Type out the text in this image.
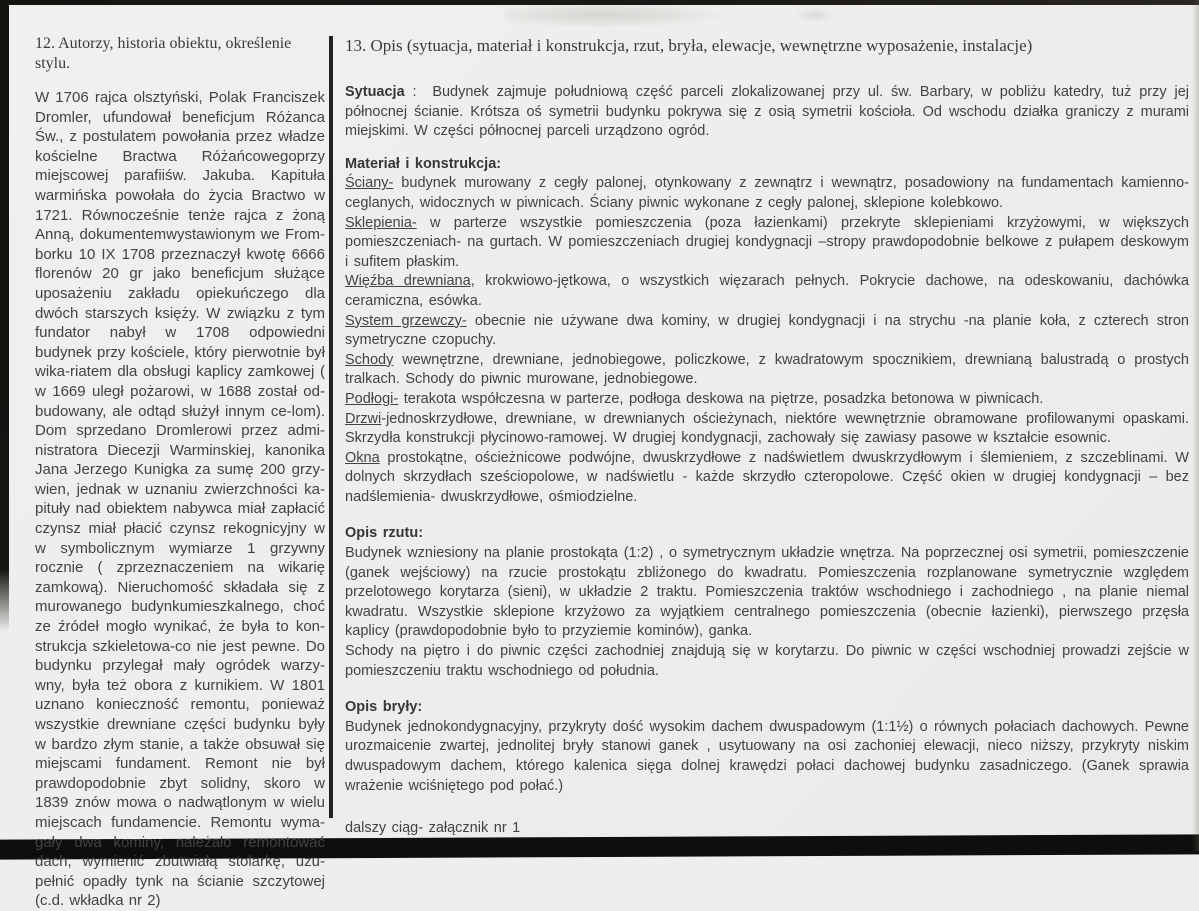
12. Autorzy, historia obiektu, określenie stylu.

W 1706 rajca olsztyński, Polak Franciszek Dromler, ufundował beneficjum Różanca Św., z postulatem powołania przez władze kościelne Bractwa Różańcowegoprzy miejscowej parafiiśw. Jakuba. Kapituła warmińska powołała do życia Bractwo w 1721. Równocześnie tenże rajca z żoną Anną, dokumentemwystawionym we From-borku 10 IX 1708 przeznaczył kwotę 6666 florenów 20 gr jako beneficjum służące uposażeniu zakładu opiekuńczego dla dwóch starszych księży. W związku z tym fundator nabył w 1708 odpowiedni budynek przy kościele, który pierwotnie był wika-riatem dla obsługi kaplicy zamkowej ( w 1669 uległ pożarowi, w 1688 został od-budowany, ale odtąd służył innym ce-lom). Dom sprzedano Dromlerowi przez admi-nistratora Diecezji Warminskiej, kanonika Jana Jerzego Kunigka za sumę 200 grzy-wien, jednak w uznaniu zwierzchności ka-pituły nad obiektem nabywca miał zapłacić czynsz miał płacić czynsz rekognicyjny w w symbolicznym wymiarze 1 grzywny rocznie ( zprzeznaczeniem na wikarię zamkową). Nieruchomość składała się z murowanego budynkumieszkalnego, choć ze źródeł mogło wynikać, że była to kon-strukcja szkieletowa-co nie jest pewne. Do budynku przylegał mały ogródek warzy-wny, była też obora z kurnikiem. W 1801 uznano konieczność remontu, ponieważ wszystkie drewniane części budynku były w bardzo złym stanie, a także obsuwał się miejscami fundament. Remont nie był prawdopodobnie zbyt solidny, skoro w 1839 znów mowa o nadwątlonym w wielu miejscach fundamencie. Remontu wyma-gały dwa kominy, należało remontować dach, wymienić zbutwiałą stolarkę, uzu-pełnić opadły tynk na ścianie szczytowej (c.d. wkładka nr 2)

13. Opis (sytuacja, materiał i konstrukcja, rzut, bryła, elewacje, wewnętrzne wyposażenie, instalacje)

Sytuacja :  Budynek zajmuje południową część parceli zlokalizowanej przy ul. św. Barbary, w pobliżu katedry, tuż przy jej północnej ścianie. Krótsza oś symetrii budynku pokrywa się z osią symetrii kościoła. Od wschodu działka graniczy z murami miejskimi. W części północnej parceli urządzono ogród.

Materiał i konstrukcja:

Ściany- budynek murowany z cegły palonej, otynkowany z zewnątrz i wewnątrz, posadowiony na fundamentach kamienno-ceglanych, widocznych w piwnicach. Ściany piwnic wykonane z cegły palonej, sklepione kolebkowo.

Sklepienia- w parterze wszystkie pomieszczenia (poza łazienkami) przekryte sklepieniami krzyżowymi, w większych pomieszczeniach- na gurtach. W pomieszczeniach drugiej kondygnacji –stropy prawdopodobnie belkowe z pułapem deskowym i sufitem płaskim.

Więźba drewniana, krokwiowo-jętkowa, o wszystkich więzarach pełnych. Pokrycie dachowe, na odeskowaniu, dachówka ceramiczna, esówka.

System grzewczy- obecnie nie używane dwa kominy, w drugiej kondygnacji i na strychu -na planie koła, z czterech stron symetryczne czopuchy.

Schody wewnętrzne, drewniane, jednobiegowe, policzkowe, z kwadratowym spocznikiem, drewnianą balustradą o prostych tralkach. Schody do piwnic murowane, jednobiegowe.

Podłogi- terakota współczesna w parterze, podłoga deskowa na piętrze, posadzka betonowa w piwnicach.

Drzwi-jednoskrzydłowe, drewniane, w drewnianych ościeżynach, niektóre wewnętrznie obramowane profilowanymi opaskami. Skrzydła konstrukcji płycinowo-ramowej. W drugiej kondygnacji, zachowały się zawiasy pasowe w kształcie esownic.

Okna prostokątne, ościeżnicowe podwójne, dwuskrzydłowe z nadświetlem dwuskrzydłowym i ślemieniem, z szczeblinami. W dolnych skrzydłach sześciopolowe, w nadświetlu - każde skrzydło czteropolowe. Część okien w drugiej kondygnacji – bez nadślemienia- dwuskrzydłowe, ośmiodzielne.

Opis rzutu:

Budynek wzniesiony na planie prostokąta (1:2) , o symetrycznym układzie wnętrza. Na poprzecznej osi symetrii, pomieszczenie (ganek wejściowy) na rzucie prostokątu zbliżonego do kwadratu. Pomieszczenia rozplanowane symetrycznie względem przelotowego korytarza (sieni), w układzie 2 traktu. Pomieszczenia traktów wschodniego i zachodniego , na planie niemal kwadratu. Wszystkie sklepione krzyżowo za wyjątkiem centralnego pomieszczenia (obecnie łazienki), pierwszego przęsła kaplicy (prawdopodobnie było to przyziemie kominów), ganka.

Schody na piętro i do piwnic części zachodniej znajdują się w korytarzu. Do piwnic w części wschodniej prowadzi zejście w pomieszczeniu traktu wschodniego od południa.

Opis bryły:

Budynek jednokondygnacyjny, przykryty dość wysokim dachem dwuspadowym (1:1½) o równych połaciach dachowych. Pewne urozmaicenie zwartej, jednolitej bryły stanowi ganek , usytuowany na osi zachoniej elewacji, nieco niższy, przykryty niskim dwuspadowym dachem, którego kalenica sięga dolnej krawędzi połaci dachowej budynku zasadniczego. (Ganek sprawia wrażenie wciśniętego pod połać.)

dalszy ciąg- załącznik nr 1
